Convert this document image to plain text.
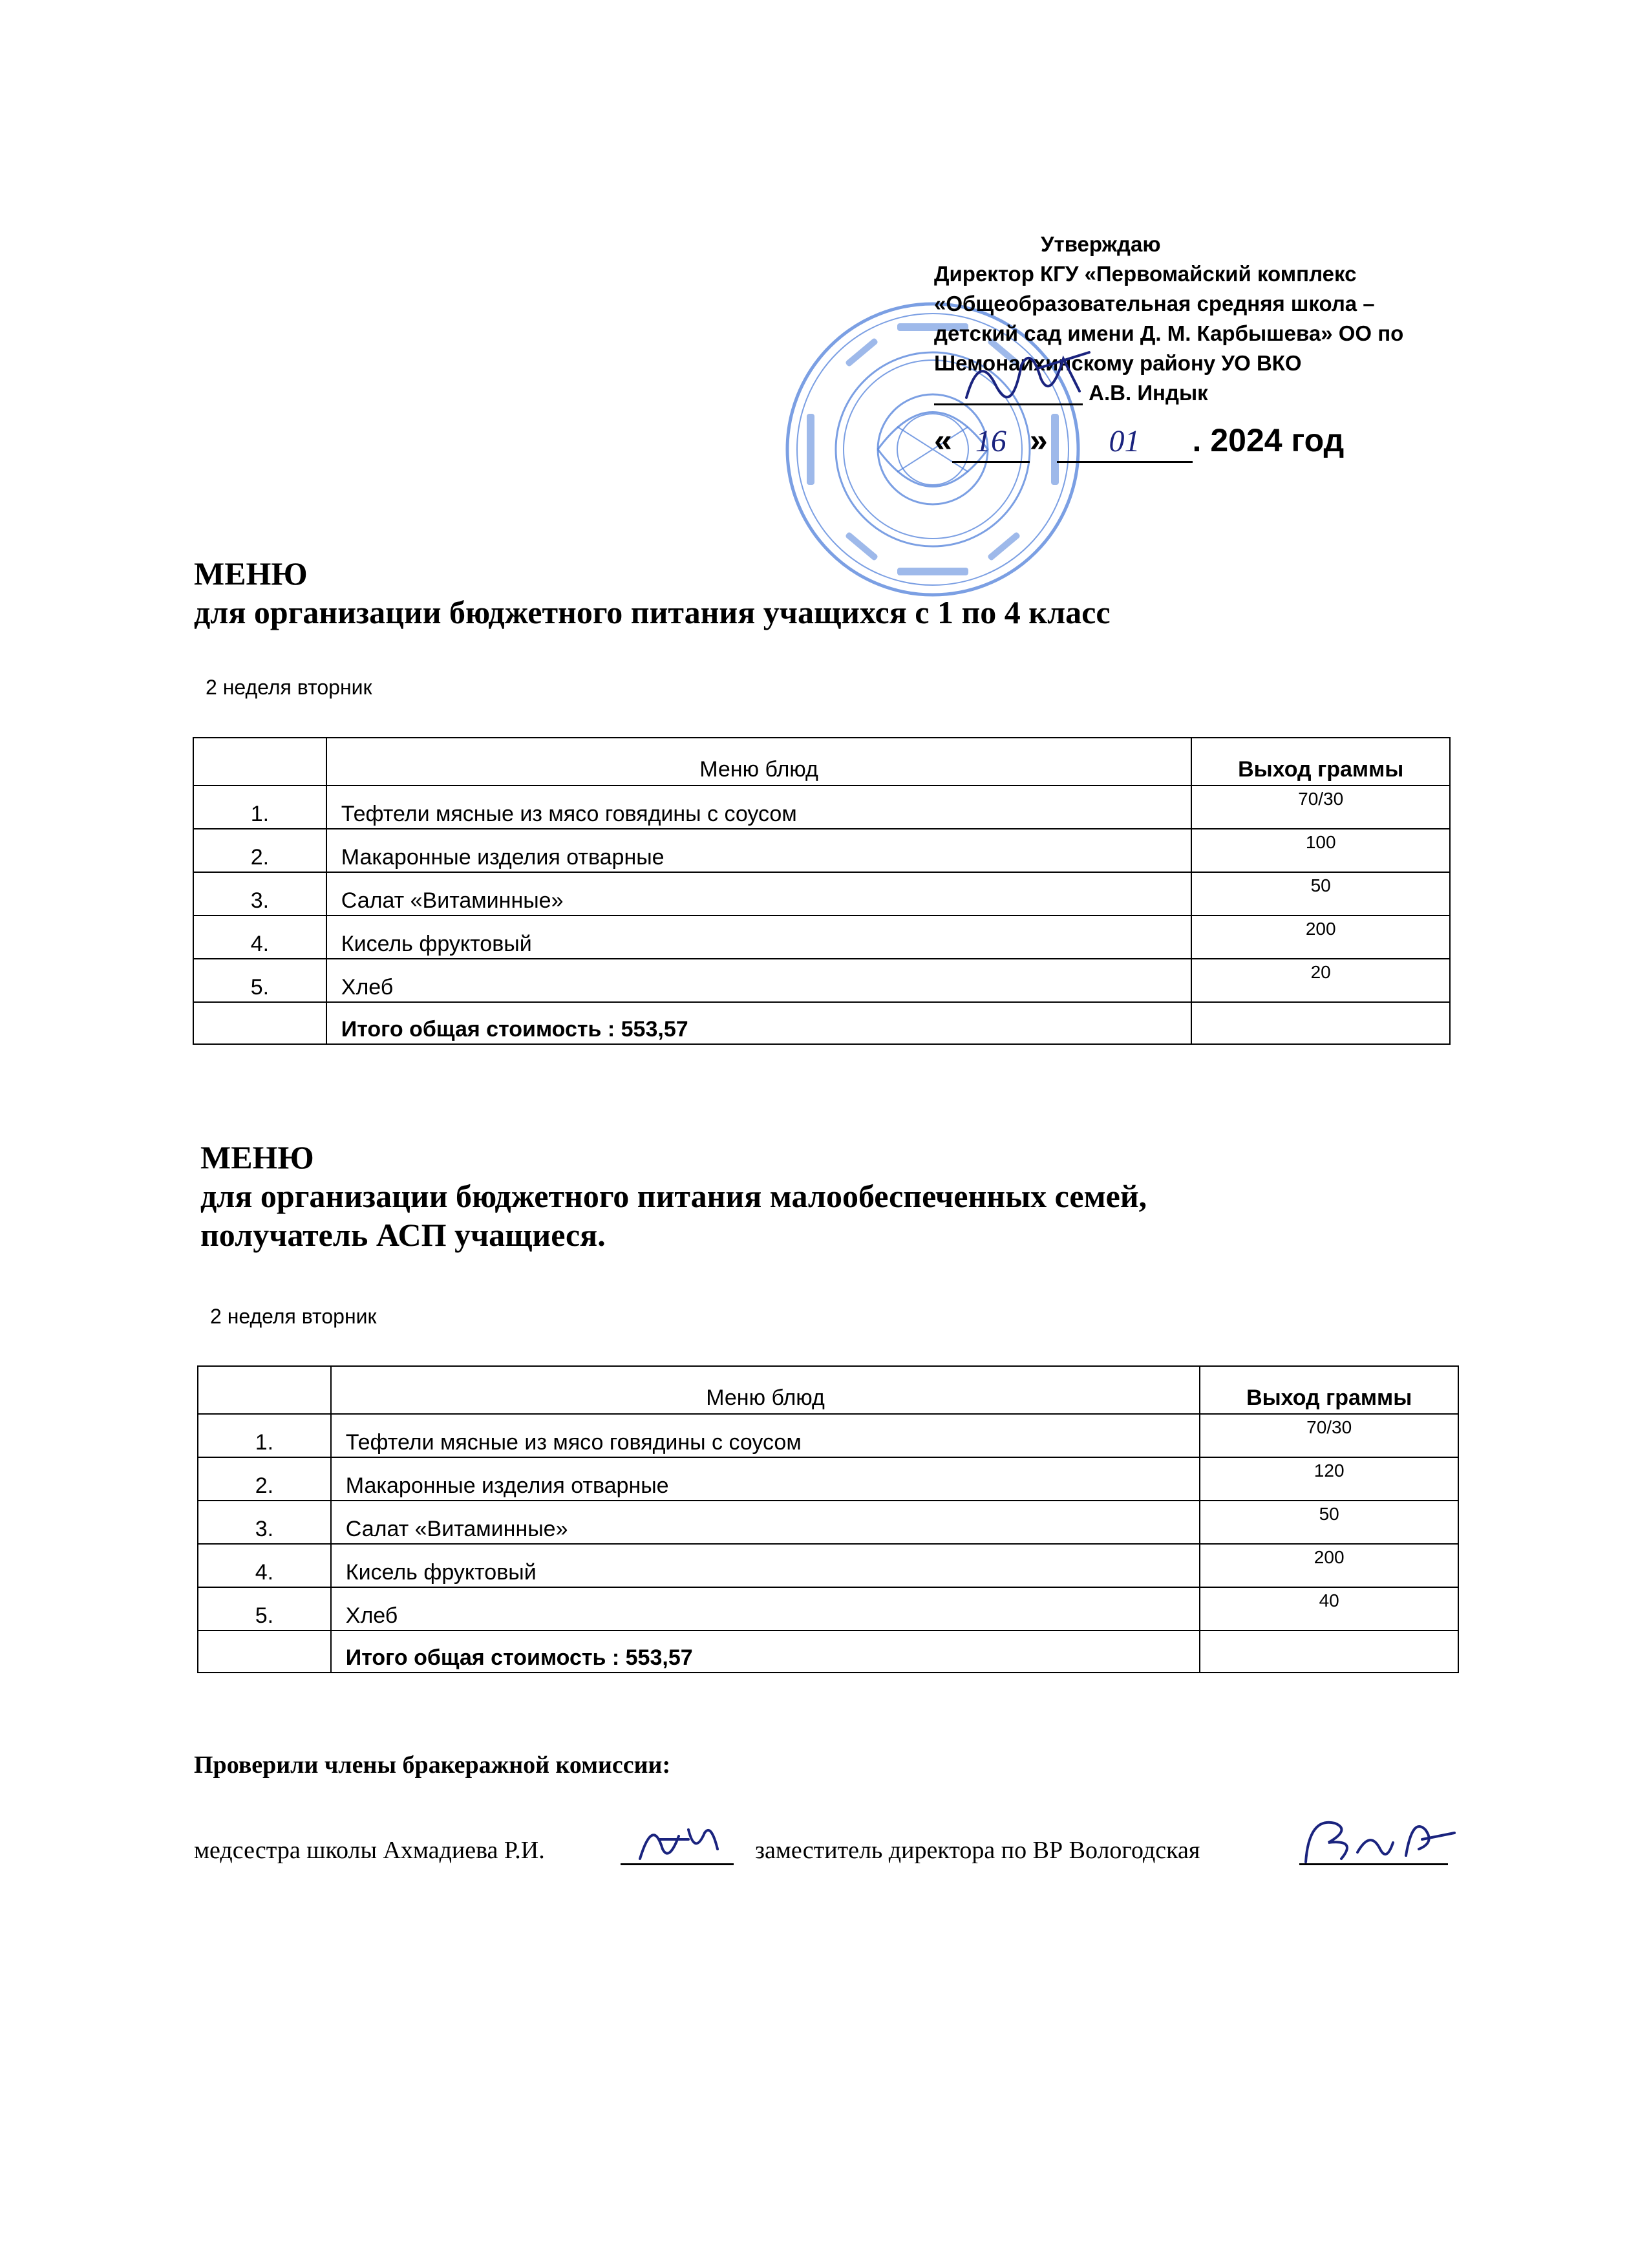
Утверждаю
Директор КГУ «Первомайский комплекс
«Общеобразовательная средняя школа –
детский сад имени Д. М. Карбышева» ОО по
Шемонаихинскому району УО ВКО
А.В. Индык
« 16 » 01 . 2024 год
МЕНЮ
для организации бюджетного питания учащихся с 1 по 4 класс
2 неделя вторник
	Меню блюд	Выход граммы
1.	Тефтели мясные из мясо говядины с соусом	70/30
2.	Макаронные изделия отварные	100
3.	Салат «Витаминные»	50
4.	Кисель фруктовый	200
5.	Хлеб	20
	Итого общая стоимость : 553,57	
МЕНЮ
для организации бюджетного питания малообеспеченных семей,
получатель АСП учащиеся.
2 неделя вторник
	Меню блюд	Выход граммы
1.	Тефтели мясные из мясо говядины с соусом	70/30
2.	Макаронные изделия отварные	120
3.	Салат «Витаминные»	50
4.	Кисель фруктовый	200
5.	Хлеб	40
	Итого общая стоимость : 553,57	
Проверили члены бракеражной комиссии:
медсестра школы Ахмадиева Р.И.	заместитель директора по ВР Вологодская
